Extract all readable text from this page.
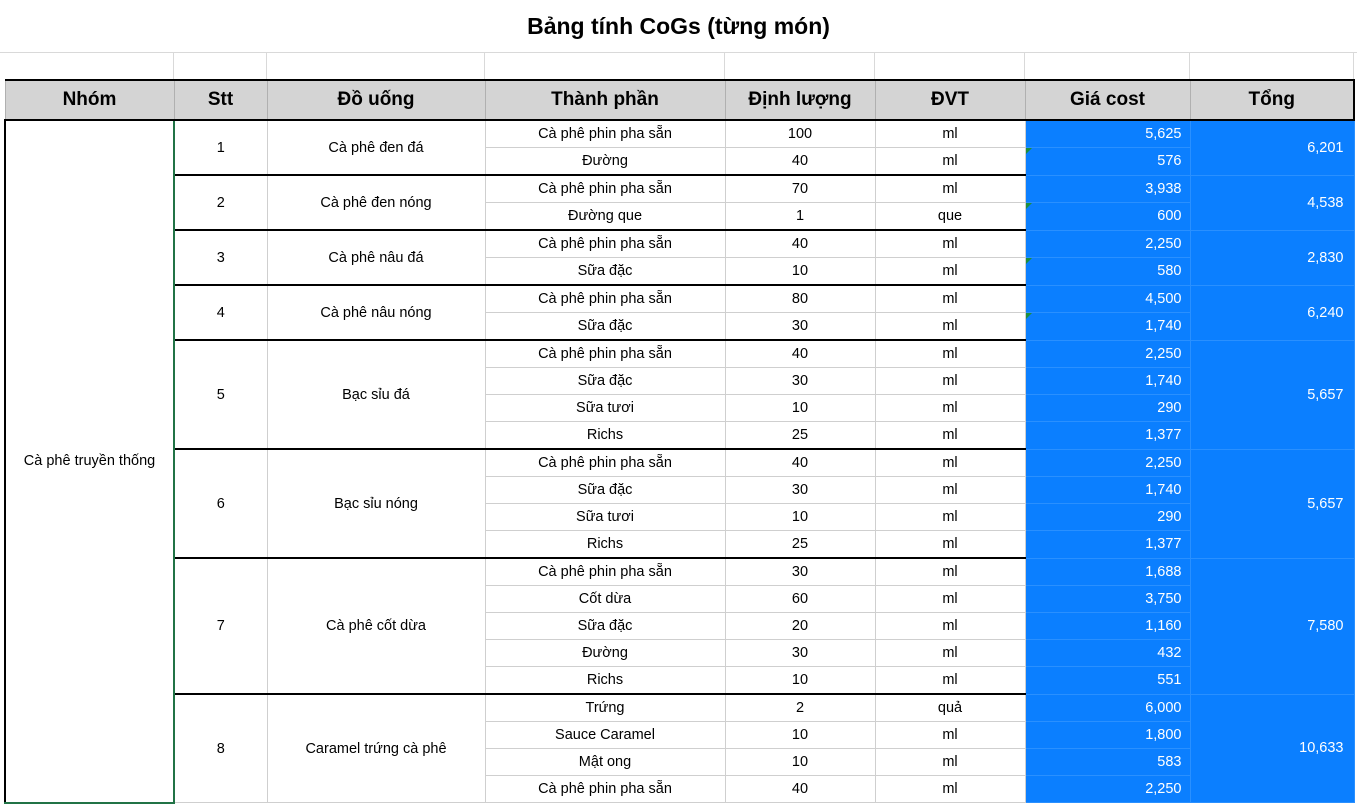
Bảng tính CoGs (từng món)
Nhóm	Stt	Đồ uống	Thành phần	Định lượng	ĐVT	Giá cost	Tổng
Cà phê truyền thống	1	Cà phê đen đá	Cà phê phin pha sẵn	100	ml	5,625	6,201
			Đường	40	ml	576	
	2	Cà phê đen nóng	Cà phê phin pha sẵn	70	ml	3,938	4,538
			Đường que	1	que	600	
	3	Cà phê nâu đá	Cà phê phin pha sẵn	40	ml	2,250	2,830
			Sữa đặc	10	ml	580	
	4	Cà phê nâu nóng	Cà phê phin pha sẵn	80	ml	4,500	6,240
			Sữa đặc	30	ml	1,740	
	5	Bạc sỉu đá	Cà phê phin pha sẵn	40	ml	2,250	5,657
			Sữa đặc	30	ml	1,740	
			Sữa tươi	10	ml	290	
			Richs	25	ml	1,377	
	6	Bạc sỉu nóng	Cà phê phin pha sẵn	40	ml	2,250	5,657
			Sữa đặc	30	ml	1,740	
			Sữa tươi	10	ml	290	
			Richs	25	ml	1,377	
	7	Cà phê cốt dừa	Cà phê phin pha sẵn	30	ml	1,688	7,580
			Cốt dừa	60	ml	3,750	
			Sữa đặc	20	ml	1,160	
			Đường	30	ml	432	
			Richs	10	ml	551	
	8	Caramel trứng cà phê	Trứng	2	quả	6,000	10,633
			Sauce Caramel	10	ml	1,800	
			Mật ong	10	ml	583	
			Cà phê phin pha sẵn	40	ml	2,250	
